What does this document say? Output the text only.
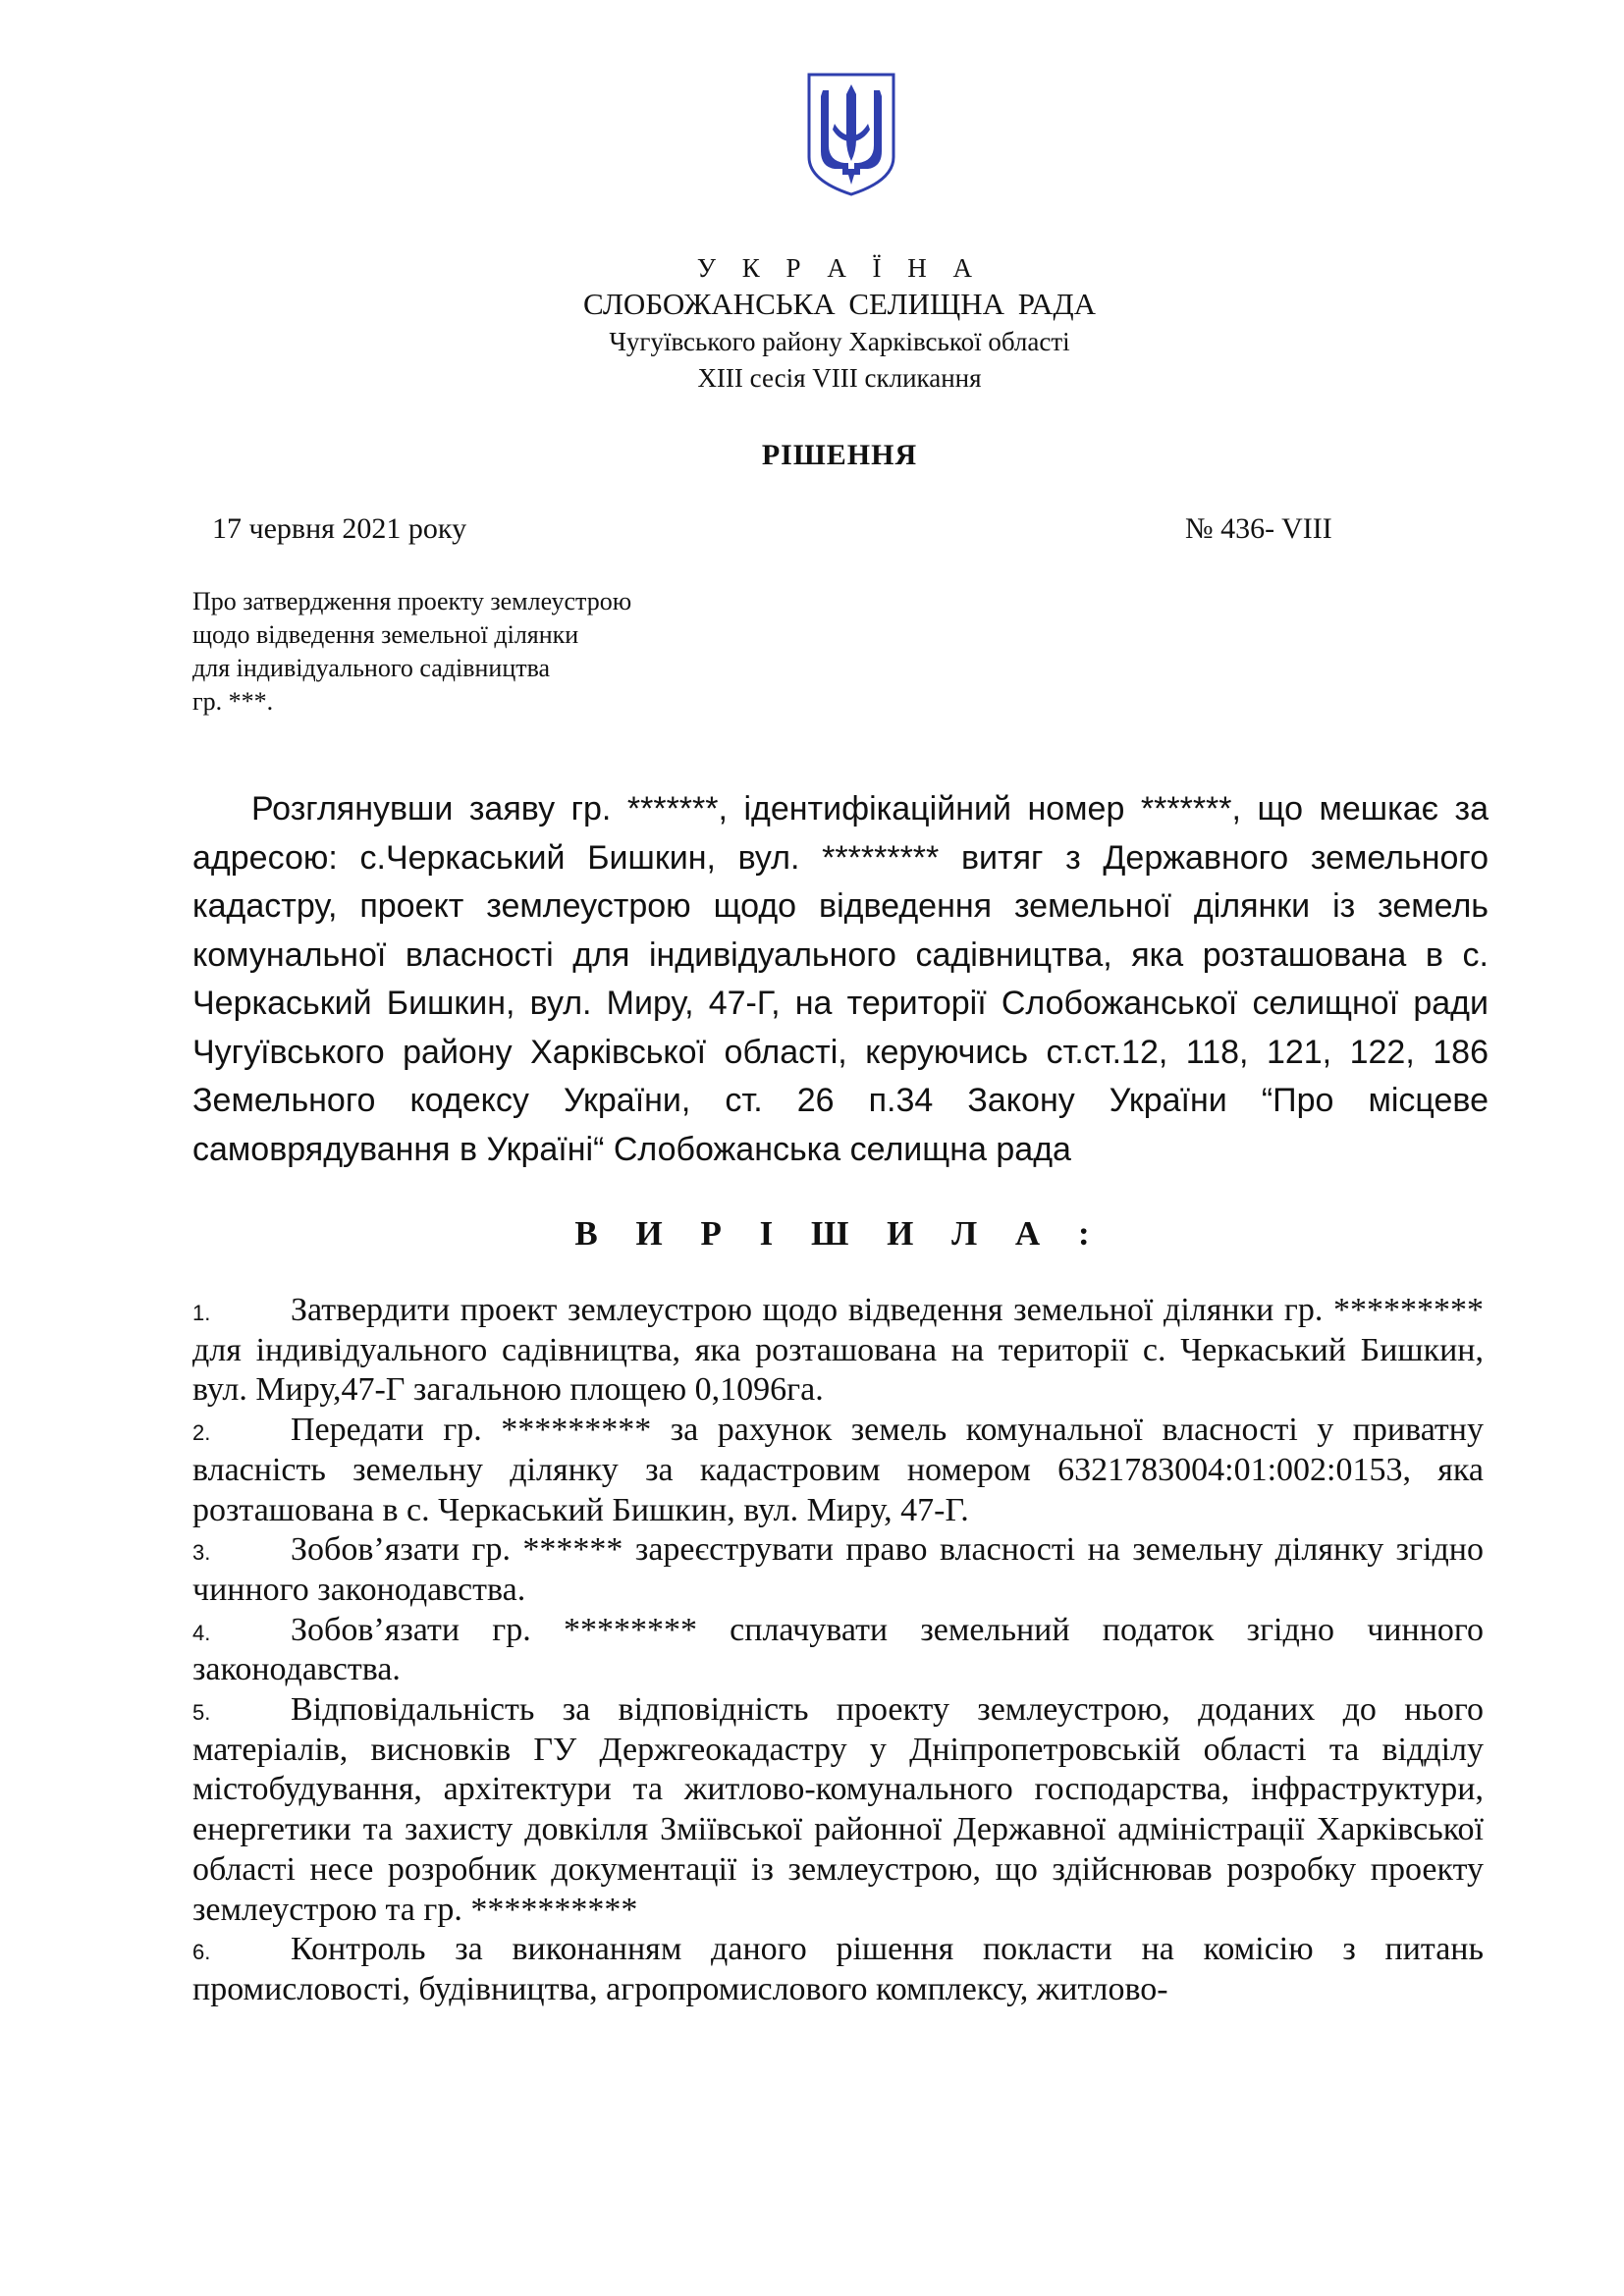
У К Р А Ї Н А
СЛОБОЖАНСЬКА СЕЛИЩНА РАДА
Чугуївського району Харківської області
XIII сесія VIII скликання
РІШЕННЯ
17 червня 2021 року	№ 436- VIII
Про затвердження проекту землеустрою
щодо відведення земельної ділянки
для індивідуального садівництва
гр. ***.
Розглянувши заяву гр. *******, ідентифікаційний номер *******, що мешкає за адресою: с.Черкаський Бишкин, вул. ********* витяг з Державного земельного кадастру, проект землеустрою щодо відведення земельної ділянки із земель комунальної власності для індивідуального садівництва, яка розташована в с. Черкаський Бишкин, вул. Миру, 47-Г, на території Слобожанської селищної ради Чугуївського району Харківської області, керуючись ст.ст.12, 118, 121, 122, 186 Земельного кодексу України, ст. 26 п.34 Закону України “Про місцеве самоврядування в Україні“ Слобожанська селищна рада
В И Р І Ш И Л А :
1. Затвердити проект землеустрою щодо відведення земельної ділянки гр. ********* для індивідуального садівництва, яка розташована на території с. Черкаський Бишкин, вул. Миру,47-Г загальною площею 0,1096га.
2. Передати гр. ********* за рахунок земель комунальної власності у приватну власність земельну ділянку за кадастровим номером 6321783004:01:002:0153, яка розташована в с. Черкаський Бишкин, вул. Миру, 47-Г.
3. Зобов’язати гр. ****** зареєструвати право власності на земельну ділянку згідно чинного законодавства.
4. Зобов’язати гр. ******** сплачувати земельний податок згідно чинного законодавства.
5. Відповідальність за відповідність проекту землеустрою, доданих до нього матеріалів, висновків ГУ Держгеокадастру у Дніпропетровській області та відділу містобудування, архітектури та житлово-комунального господарства, інфраструктури, енергетики та захисту довкілля Зміївської районної Державної адміністрації Харківської області несе розробник документації із землеустрою, що здійснював розробку проекту землеустрою та гр. **********
6. Контроль за виконанням даного рішення покласти на комісію з питань промисловості, будівництва, агропромислового комплексу, житлово-
